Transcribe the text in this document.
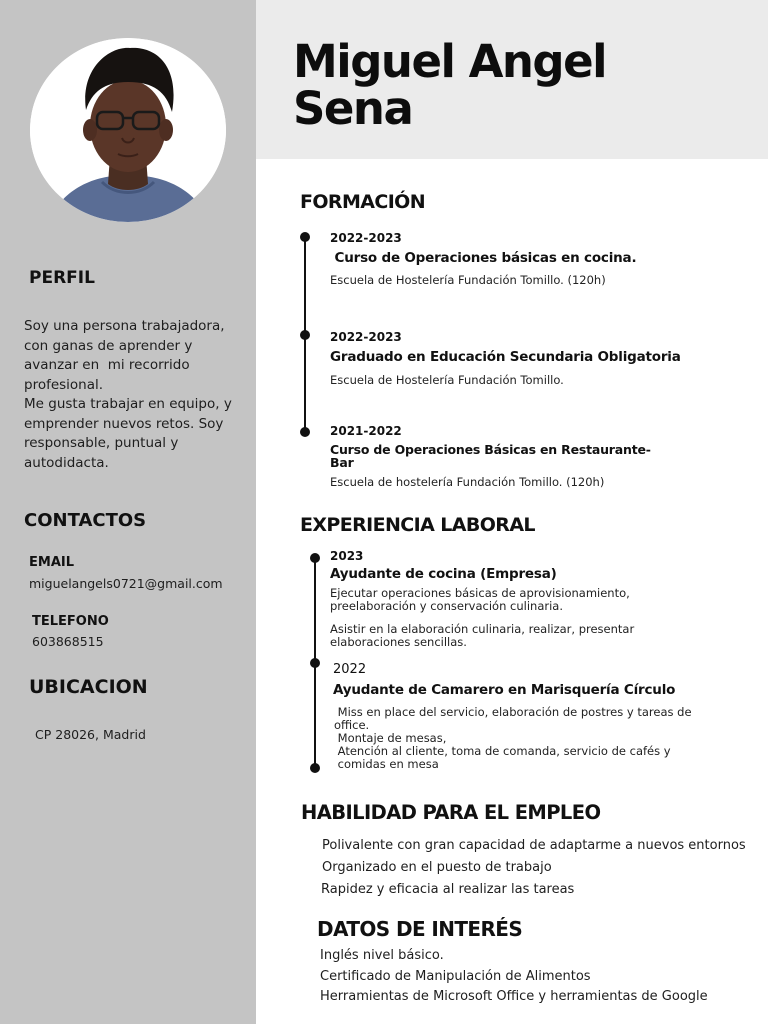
Miguel Angel
Sena
PERFIL
Soy una persona trabajadora,
con ganas de aprender y
avanzar en  mi recorrido
profesional.
Me gusta trabajar en equipo, y
emprender nuevos retos. Soy
responsable, puntual y
autodidacta.
CONTACTOS

EMAIL

miguelangels0721@gmail.com

TELEFONO

603868515

UBICACION

CP 28026, Madrid

FORMACIÓN

2022-2023

Curso de Operaciones básicas en cocina.

Escuela de Hostelería Fundación Tomillo. (120h)

2022-2023

Graduado en Educación Secundaria Obligatoria

Escuela de Hostelería Fundación Tomillo.

2021-2022

Curso de Operaciones Básicas en Restaurante-

Bar

Escuela de hostelería Fundación Tomillo. (120h)

EXPERIENCIA LABORAL

2023

Ayudante de cocina (Empresa)

Ejecutar operaciones básicas de aprovisionamiento,
preelaboración y conservación culinaria.
Asistir en la elaboración culinaria, realizar, presentar
elaboraciones sencillas.

2022

Ayudante de Camarero en Marisquería Círculo

Miss en place del servicio, elaboración de postres y tareas de
office.
Montaje de mesas,
Atención al cliente, toma de comanda, servicio de cafés y
comidas en mesa
HABILIDAD PARA EL EMPLEO

Polivalente con gran capacidad de adaptarme a nuevos entornos

Organizado en el puesto de trabajo

Rapidez y eficacia al realizar las tareas

DATOS DE INTERÉS

Inglés nivel básico.

Certificado de Manipulación de Alimentos

Herramientas de Microsoft Office y herramientas de Google
